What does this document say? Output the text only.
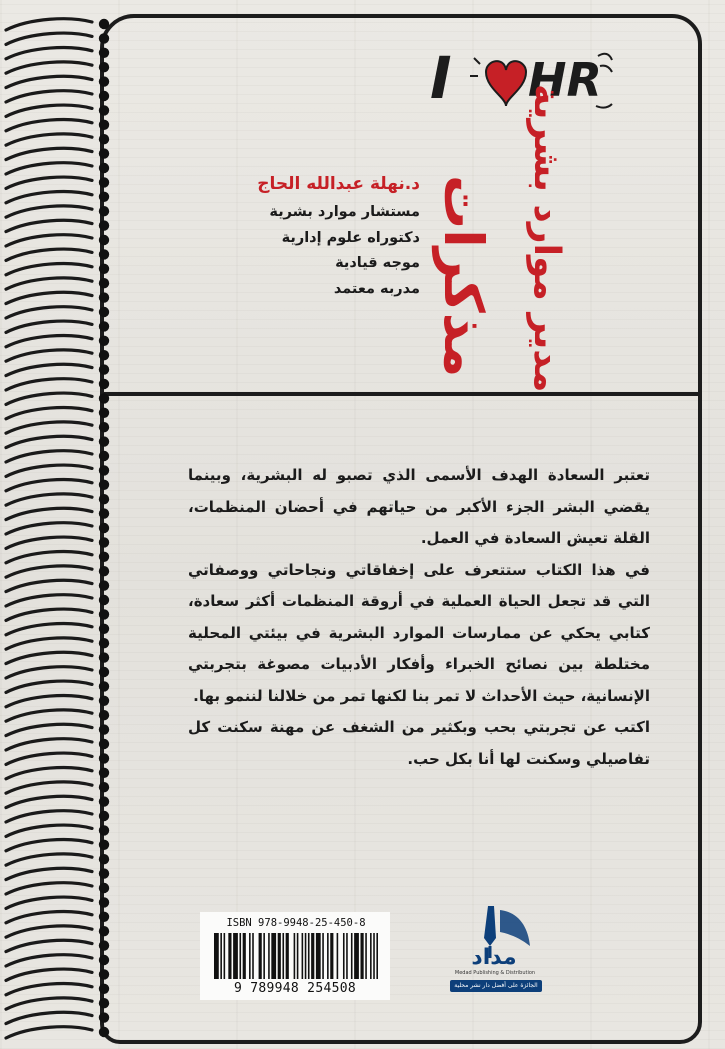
I HR
مذكرات مدير موارد بشرية
د.نهلة عبدالله الحاج
مستشار موارد بشرية
دكتوراه علوم إدارية
موجه قيادية
مدربه معتمد

تعتبر السعادة الهدف الأسمى الذي تصبو له البشرية، وبينما يقضي البشر الجزء الأكبر من حياتهم في أحضان المنظمات، القلة تعيش السعادة في العمل.

في هذا الكتاب ستتعرف على إخفاقاتي ونجاحاتي ووصفاتي التي قد تجعل الحياة العملية في أروقة المنظمات أكثر سعادة، كتابي يحكي عن ممارسات الموارد البشرية في بيئتي المحلية مختلطة بين نصائح الخبراء وأفكار الأدبيات مصوغة بتجربتي الإنسانية، حيث الأحداث لا تمر بنا لكنها تمر من خلالنا لننمو بها.

اكتب عن تجربتي بحب وبكثير من الشغف عن مهنة سكنت كل تفاصيلي وسكنت لها أنا بكل حب.

ISBN 978-9948-25-450-8
9 789948 254508
مداد
Medad Publishing & Distribution
الجائزة على أفضل دار نشر محلية
